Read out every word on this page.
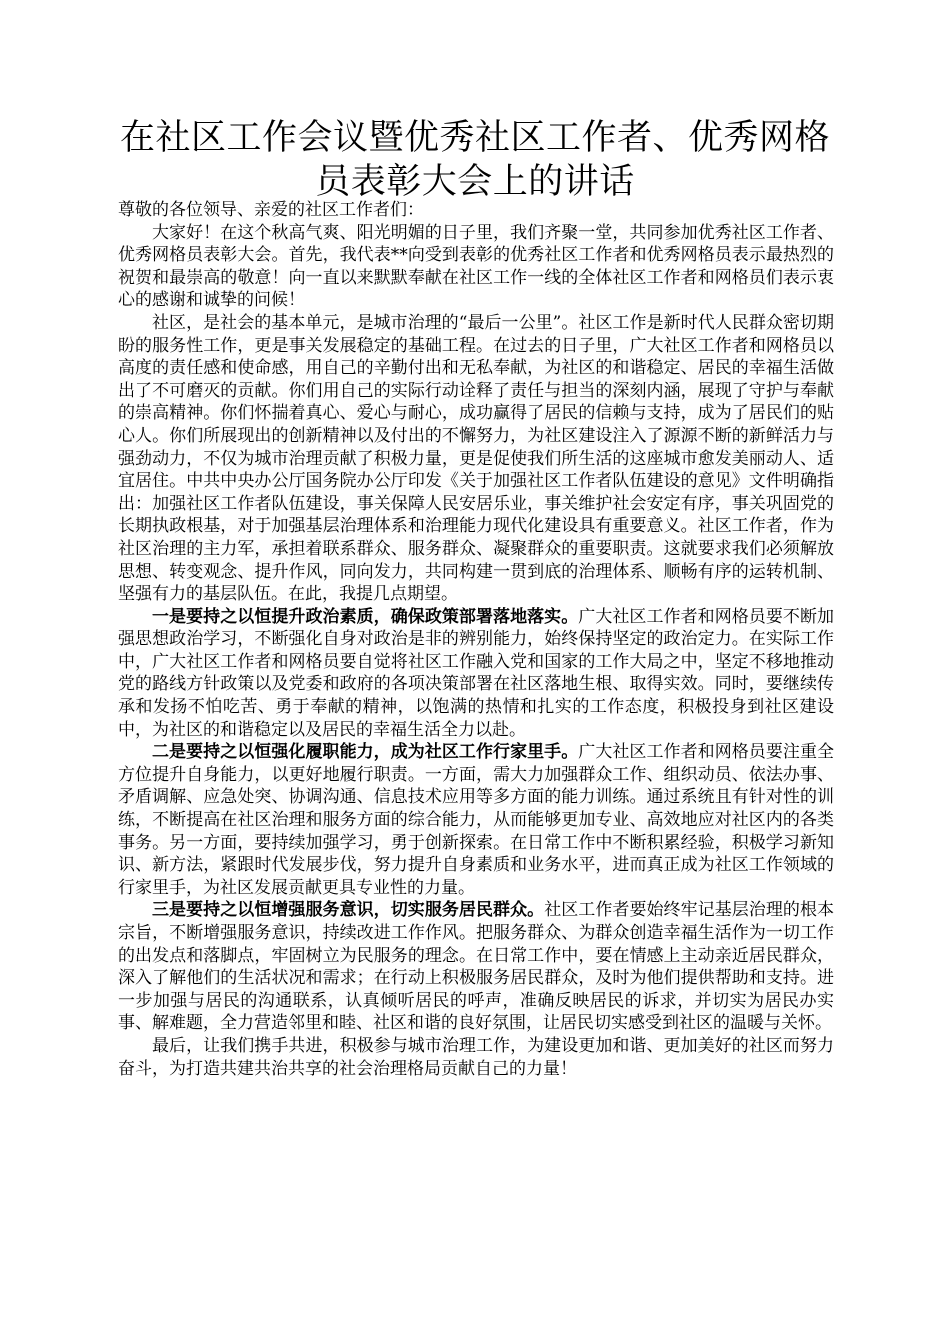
在社区工作会议暨优秀社区工作者、优秀网格员表彰大会上的讲话

尊敬的各位领导、亲爱的社区工作者们：

大家好！在这个秋高气爽、阳光明媚的日子里，我们齐聚一堂，共同参加优秀社区工作者、优秀网格员表彰大会。首先，我代表**向受到表彰的优秀社区工作者和优秀网格员表示最热烈的祝贺和最崇高的敬意！向一直以来默默奉献在社区工作一线的全体社区工作者和网格员们表示衷心的感谢和诚挚的问候！

社区，是社会的基本单元，是城市治理的“最后一公里”。社区工作是新时代人民群众密切期盼的服务性工作，更是事关发展稳定的基础工程。在过去的日子里，广大社区工作者和网格员以高度的责任感和使命感，用自己的辛勤付出和无私奉献，为社区的和谐稳定、居民的幸福生活做出了不可磨灭的贡献。你们用自己的实际行动诠释了责任与担当的深刻内涵，展现了守护与奉献的崇高精神。你们怀揣着真心、爱心与耐心，成功赢得了居民的信赖与支持，成为了居民们的贴心人。你们所展现出的创新精神以及付出的不懈努力，为社区建设注入了源源不断的新鲜活力与强劲动力，不仅为城市治理贡献了积极力量，更是促使我们所生活的这座城市愈发美丽动人、适宜居住。中共中央办公厅国务院办公厅印发《关于加强社区工作者队伍建设的意见》文件明确指出：加强社区工作者队伍建设，事关保障人民安居乐业，事关维护社会安定有序，事关巩固党的长期执政根基，对于加强基层治理体系和治理能力现代化建设具有重要意义。社区工作者，作为社区治理的主力军，承担着联系群众、服务群众、凝聚群众的重要职责。这就要求我们必须解放思想、转变观念、提升作风，同向发力，共同构建一贯到底的治理体系、顺畅有序的运转机制、坚强有力的基层队伍。在此，我提几点期望。

一是要持之以恒提升政治素质，确保政策部署落地落实。广大社区工作者和网格员要不断加强思想政治学习，不断强化自身对政治是非的辨别能力，始终保持坚定的政治定力。在实际工作中，广大社区工作者和网格员要自觉将社区工作融入党和国家的工作大局之中，坚定不移地推动党的路线方针政策以及党委和政府的各项决策部署在社区落地生根、取得实效。同时，要继续传承和发扬不怕吃苦、勇于奉献的精神，以饱满的热情和扎实的工作态度，积极投身到社区建设中，为社区的和谐稳定以及居民的幸福生活全力以赴。

二是要持之以恒强化履职能力，成为社区工作行家里手。广大社区工作者和网格员要注重全方位提升自身能力，以更好地履行职责。一方面，需大力加强群众工作、组织动员、依法办事、矛盾调解、应急处突、协调沟通、信息技术应用等多方面的能力训练。通过系统且有针对性的训练，不断提高在社区治理和服务方面的综合能力，从而能够更加专业、高效地应对社区内的各类事务。另一方面，要持续加强学习，勇于创新探索。在日常工作中不断积累经验，积极学习新知识、新方法，紧跟时代发展步伐，努力提升自身素质和业务水平，进而真正成为社区工作领域的行家里手，为社区发展贡献更具专业性的力量。

三是要持之以恒增强服务意识，切实服务居民群众。社区工作者要始终牢记基层治理的根本宗旨，不断增强服务意识，持续改进工作作风。把服务群众、为群众创造幸福生活作为一切工作的出发点和落脚点，牢固树立为民服务的理念。在日常工作中，要在情感上主动亲近居民群众，深入了解他们的生活状况和需求；在行动上积极服务居民群众，及时为他们提供帮助和支持。进一步加强与居民的沟通联系，认真倾听居民的呼声，准确反映居民的诉求，并切实为居民办实事、解难题，全力营造邻里和睦、社区和谐的良好氛围，让居民切实感受到社区的温暖与关怀。

最后，让我们携手共进，积极参与城市治理工作，为建设更加和谐、更加美好的社区而努力奋斗，为打造共建共治共享的社会治理格局贡献自己的力量！
